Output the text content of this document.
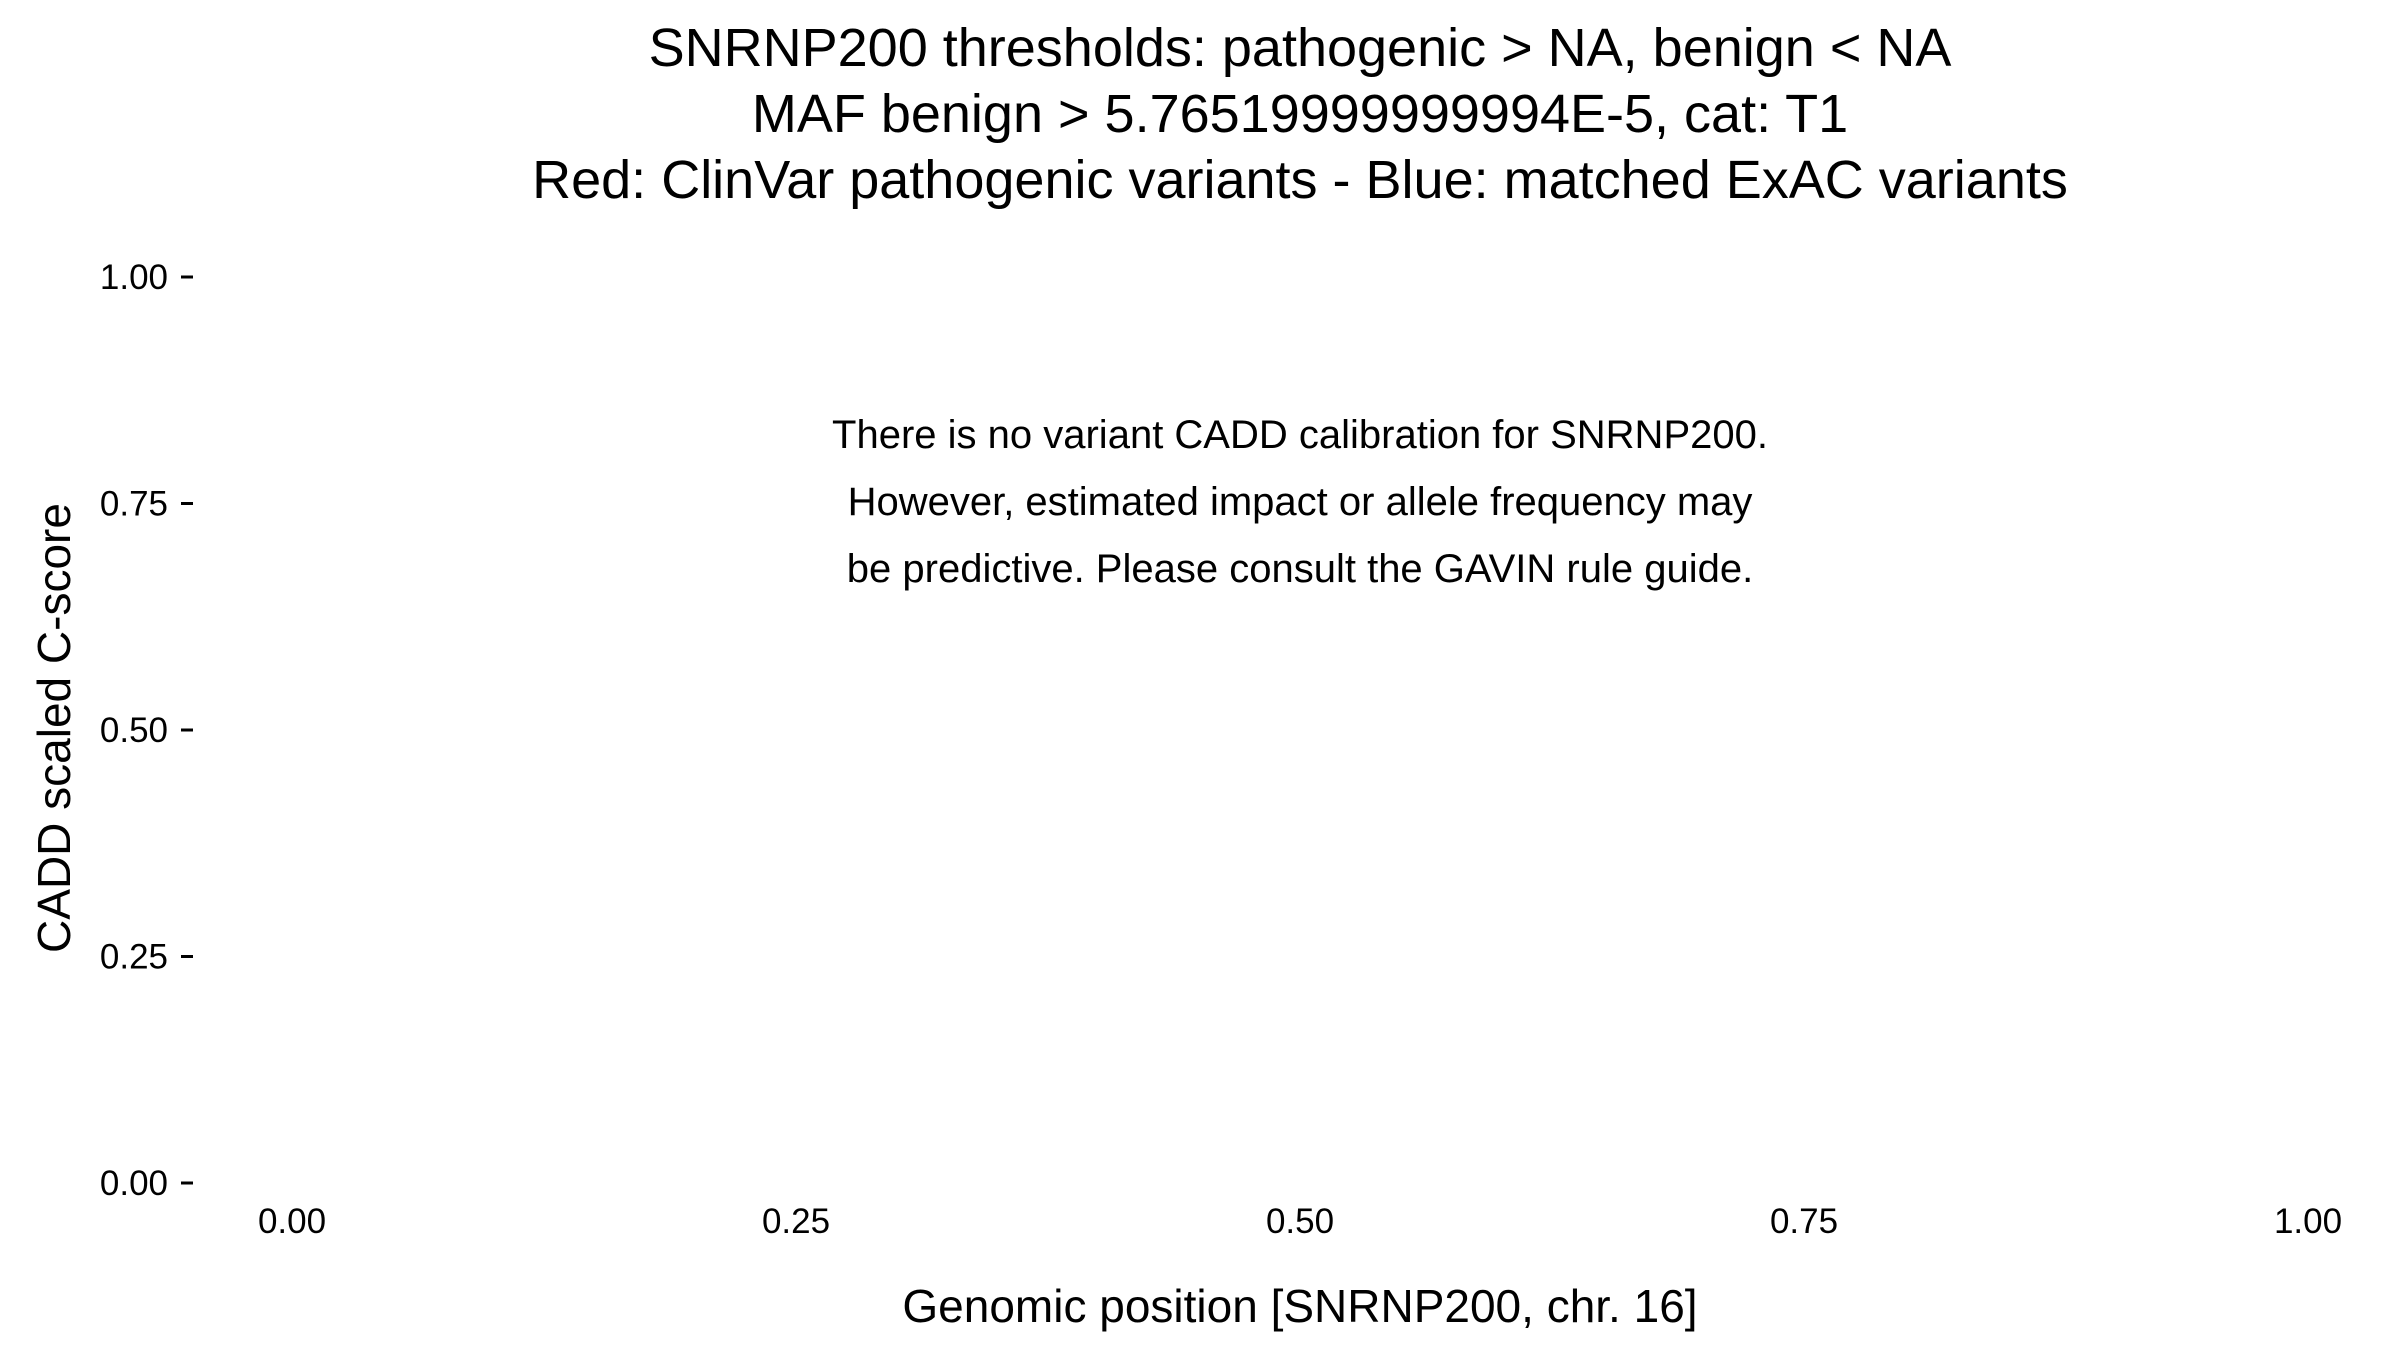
SNRNP200 thresholds: pathogenic > NA, benign < NA
MAF benign > 5.76519999999994E-5, cat: T1
Red: ClinVar pathogenic variants - Blue: matched ExAC variants
0.00
0.25
0.50
0.75
1.00
0.00	0.25	0.50	0.75	1.00
CADD scaled C-score
Genomic position [SNRNP200, chr. 16]
There is no variant CADD calibration for SNRNP200.
However, estimated impact or allele frequency may
be predictive. Please consult the GAVIN rule guide.
